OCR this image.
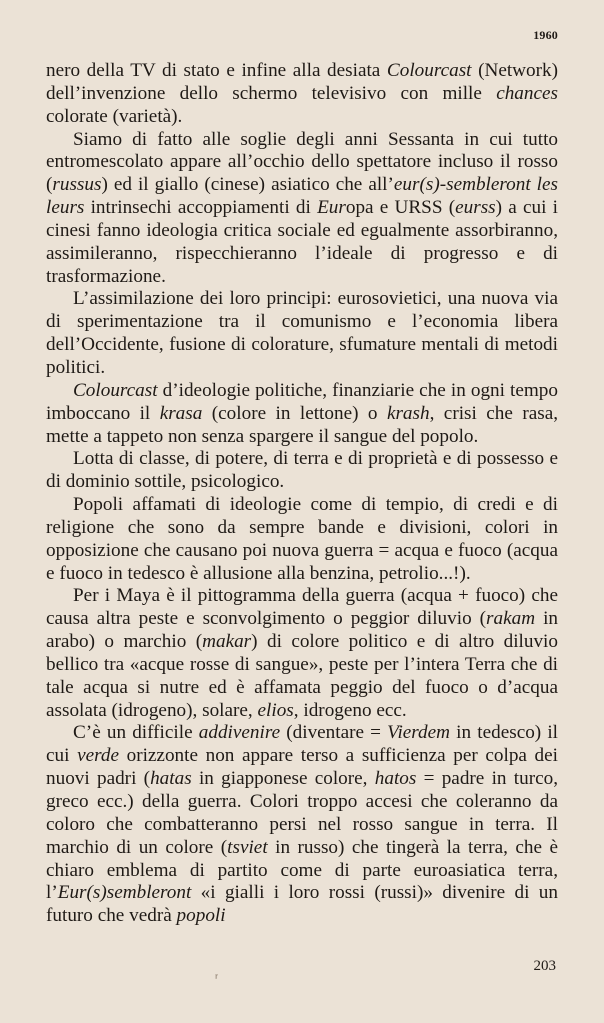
1960

nero della TV di stato e infine alla desiata Colourcast (Network) dell’invenzione dello schermo televisivo con mille chances colorate (varietà).

Siamo di fatto alle soglie degli anni Sessanta in cui tutto entromescolato appare all’occhio dello spettatore incluso il rosso (russus) ed il giallo (cinese) asiatico che all’eur(s)-sembleront les leurs intrinsechi accoppiamenti di Europa e URSS (eurss) a cui i cinesi fanno ideologia critica sociale ed egualmente assorbiranno, assimileranno, rispecchieranno l’ideale di progresso e di trasformazione.

L’assimilazione dei loro principi: eurosovietici, una nuova via di sperimentazione tra il comunismo e l’economia libera dell’Occidente, fusione di colorature, sfumature mentali di metodi politici.

Colourcast d’ideologie politiche, finanziarie che in ogni tempo imboccano il krasa (colore in lettone) o krash, crisi che rasa, mette a tappeto non senza spargere il sangue del popolo.

Lotta di classe, di potere, di terra e di proprietà e di possesso e di dominio sottile, psicologico.

Popoli affamati di ideologie come di tempio, di credi e di religione che sono da sempre bande e divisioni, colori in opposizione che causano poi nuova guerra = acqua e fuoco (acqua e fuoco in tedesco è allusione alla benzina, petrolio...!).

Per i Maya è il pittogramma della guerra (acqua + fuoco) che causa altra peste e sconvolgimento o peggior diluvio (rakam in arabo) o marchio (makar) di colore politico e di altro diluvio bellico tra «acque rosse di sangue», peste per l’intera Terra che di tale acqua si nutre ed è affamata peggio del fuoco o d’acqua assolata (idrogeno), solare, elios, idrogeno ecc.

C’è un difficile addivenire (diventare = Vierdem in tedesco) il cui verde orizzonte non appare terso a sufficienza per colpa dei nuovi padri (hatas in giapponese colore, hatos = padre in turco, greco ecc.) della guerra. Colori troppo accesi che coleranno da coloro che combatteranno persi nel rosso sangue in terra. Il marchio di un colore (tsviet in russo) che tingerà la terra, che è chiaro emblema di partito come di parte euroasiatica terra, l’Eur(s)sembleront «i gialli i loro rossi (russi)» divenire di un futuro che vedrà popoli

ʳ
203
